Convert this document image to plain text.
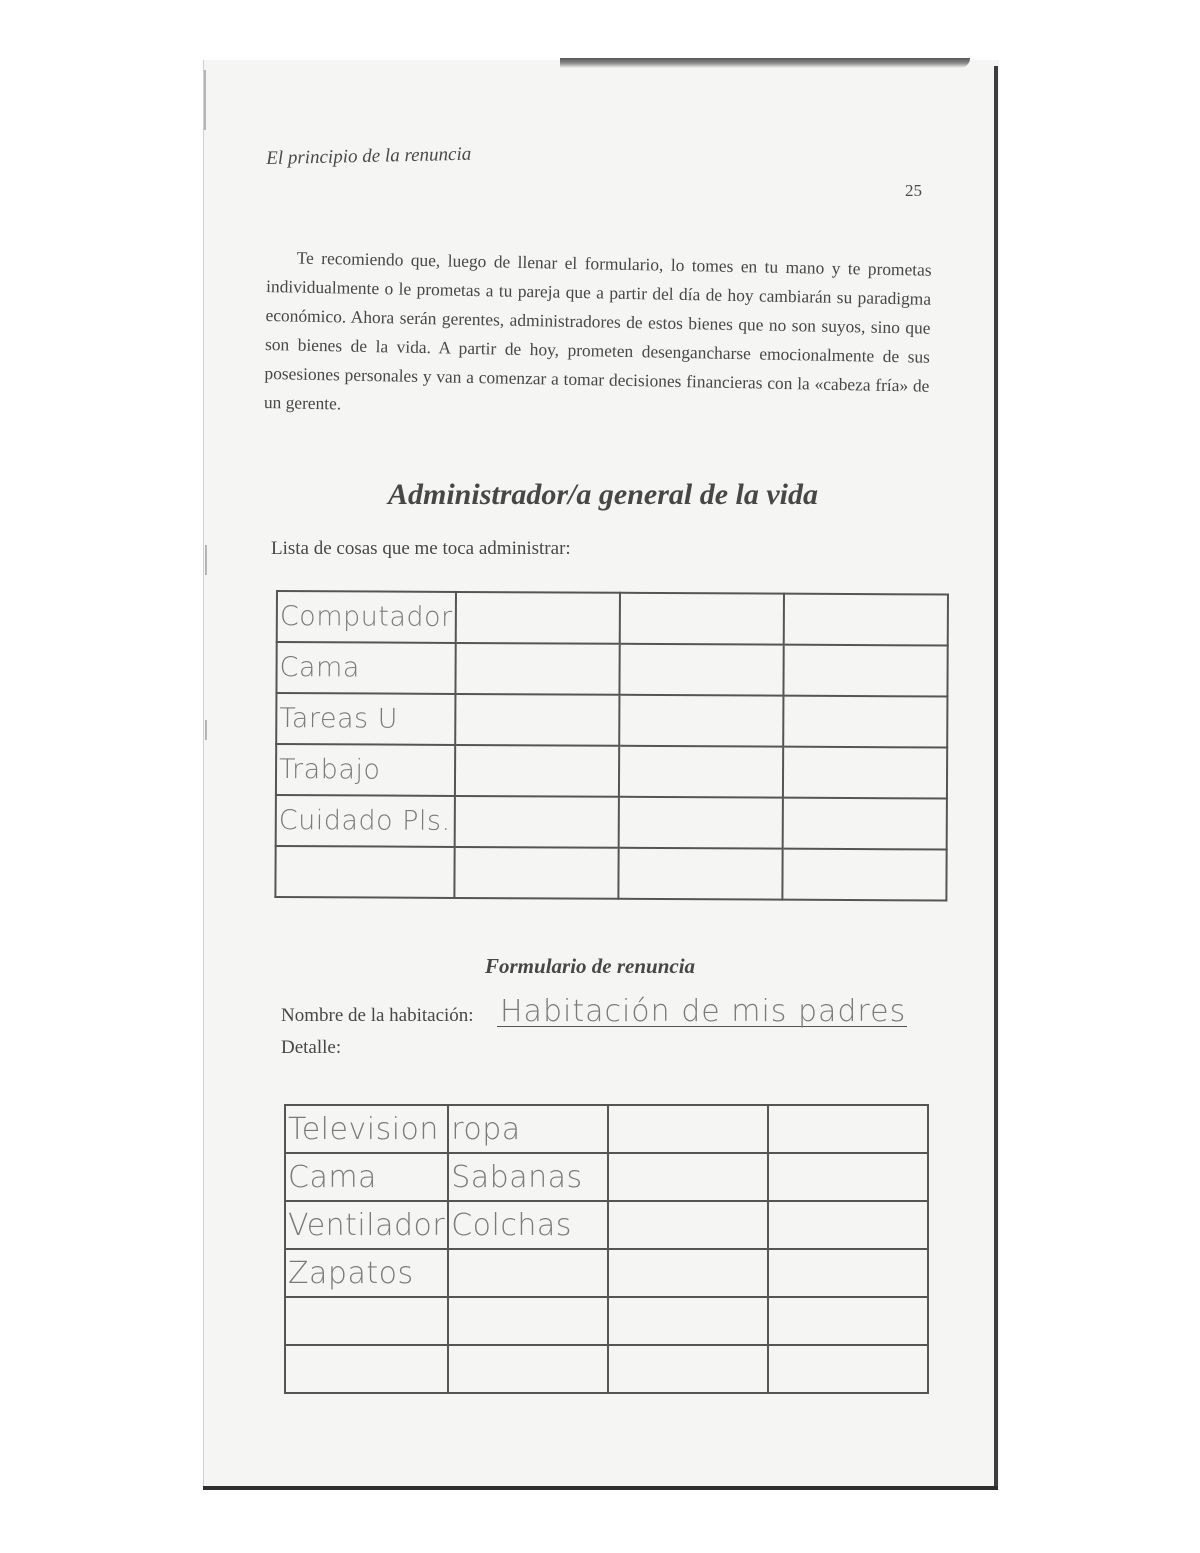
El principio de la renuncia
25

Te recomiendo que, luego de llenar el formulario, lo tomes en tu mano y te prometas individualmente o le prometas a tu pareja que a partir del día de hoy cambiarán su paradigma económico. Ahora serán gerentes, administradores de estos bienes que no son suyos, sino que son bienes de la vida. A partir de hoy, prometen desengancharse emocionalmente de sus posesiones personales y van a comenzar a tomar decisiones financieras con la «cabeza fría» de un gerente.

Administrador/a general de la vida
Lista de cosas que me toca administrar:
Computador			
Cama			
Tareas U			
Trabajo			
Cuidado Pls.			

Formulario de renuncia
Nombre de la habitación: Habitación de mis padres
Detalle:
Television	ropa		
Cama	Sabanas		
Ventilador	Colchas		
Zapatos			
